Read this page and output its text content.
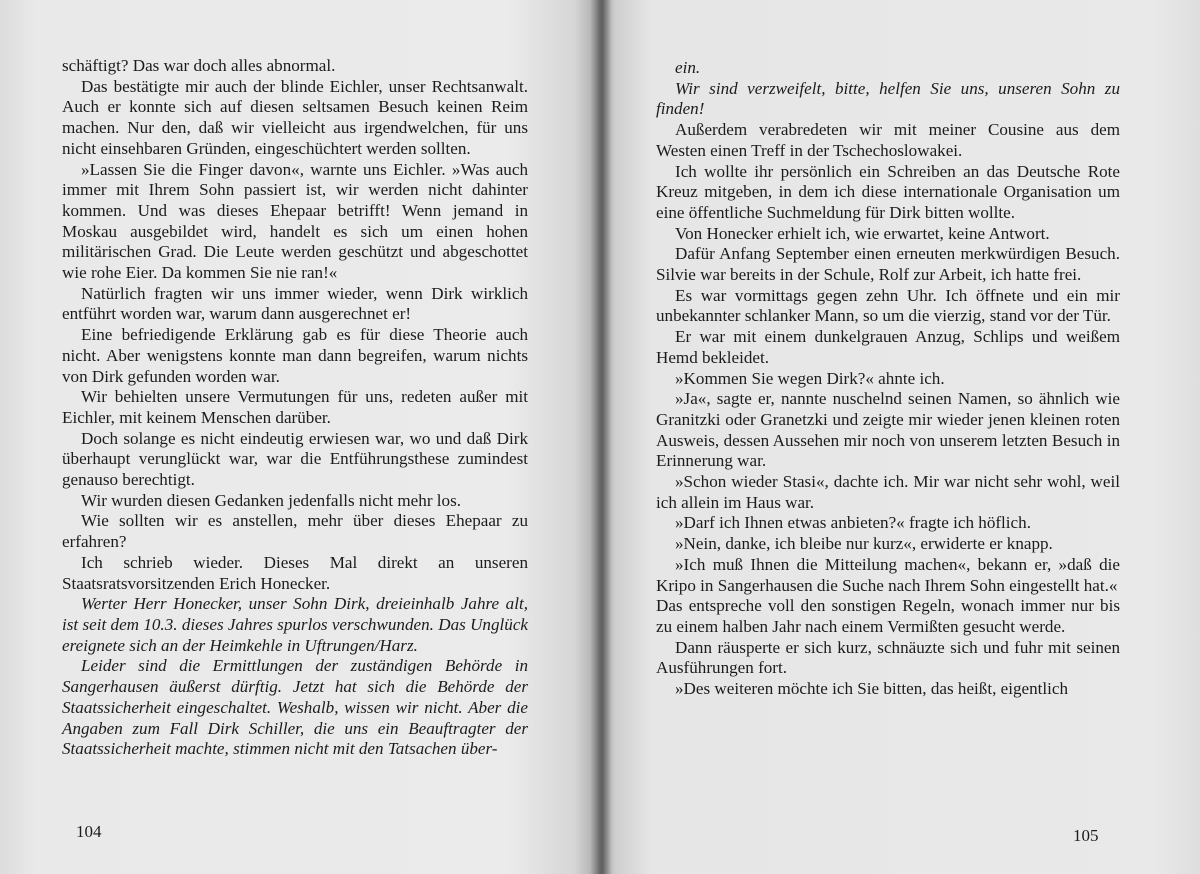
schäftigt? Das war doch alles abnormal.

Das bestätigte mir auch der blinde Eichler, unser Rechtsanwalt. Auch er konnte sich auf diesen seltsamen Besuch keinen Reim machen. Nur den, daß wir vielleicht aus irgendwelchen, für uns nicht einsehbaren Gründen, eingeschüchtert werden sollten.

»Lassen Sie die Finger davon«, warnte uns Eichler. »Was auch immer mit Ihrem Sohn passiert ist, wir werden nicht dahinter kommen. Und was dieses Ehepaar betrifft! Wenn jemand in Moskau ausgebildet wird, handelt es sich um einen hohen militärischen Grad. Die Leute werden geschützt und abgeschottet wie rohe Eier. Da kommen Sie nie ran!«

Natürlich fragten wir uns immer wieder, wenn Dirk wirklich entführt worden war, warum dann ausgerechnet er!

Eine befriedigende Erklärung gab es für diese Theorie auch nicht. Aber wenigstens konnte man dann begreifen, warum nichts von Dirk gefunden worden war.

Wir behielten unsere Vermutungen für uns, redeten außer mit Eichler, mit keinem Menschen darüber.

Doch solange es nicht eindeutig erwiesen war, wo und daß Dirk überhaupt verunglückt war, war die Entführungsthese zumindest genauso berechtigt.

Wir wurden diesen Gedanken jedenfalls nicht mehr los.

Wie sollten wir es anstellen, mehr über dieses Ehepaar zu erfahren?

Ich schrieb wieder. Dieses Mal direkt an unseren Staatsratsvorsitzenden Erich Honecker.

Werter Herr Honecker, unser Sohn Dirk, dreieinhalb Jahre alt, ist seit dem 10.3. dieses Jahres spurlos verschwunden. Das Unglück ereignete sich an der Heimkehle in Uftrungen/Harz.

Leider sind die Ermittlungen der zuständigen Behörde in Sangerhausen äußerst dürftig. Jetzt hat sich die Behörde der Staatssicherheit eingeschaltet. Weshalb, wissen wir nicht. Aber die Angaben zum Fall Dirk Schiller, die uns ein Beauftragter der Staatssicherheit machte, stimmen nicht mit den Tatsachen über-

104

ein.

Wir sind verzweifelt, bitte, helfen Sie uns, unseren Sohn zu finden!

Außerdem verabredeten wir mit meiner Cousine aus dem Westen einen Treff in der Tschechoslowakei.

Ich wollte ihr persönlich ein Schreiben an das Deutsche Rote Kreuz mitgeben, in dem ich diese internationale Organisation um eine öffentliche Suchmeldung für Dirk bitten wollte.

Von Honecker erhielt ich, wie erwartet, keine Antwort.

Dafür Anfang September einen erneuten merkwürdigen Besuch. Silvie war bereits in der Schule, Rolf zur Arbeit, ich hatte frei.

Es war vormittags gegen zehn Uhr. Ich öffnete und ein mir unbekannter schlanker Mann, so um die vierzig, stand vor der Tür.

Er war mit einem dunkelgrauen Anzug, Schlips und weißem Hemd bekleidet.

»Kommen Sie wegen Dirk?« ahnte ich.

»Ja«, sagte er, nannte nuschelnd seinen Namen, so ähnlich wie Granitzki oder Granetzki und zeigte mir wieder jenen kleinen roten Ausweis, dessen Aussehen mir noch von unserem letzten Besuch in Erinnerung war.

»Schon wieder Stasi«, dachte ich. Mir war nicht sehr wohl, weil ich allein im Haus war.

»Darf ich Ihnen etwas anbieten?« fragte ich höflich.

»Nein, danke, ich bleibe nur kurz«, erwiderte er knapp.

»Ich muß Ihnen die Mitteilung machen«, bekann er, »daß die Kripo in Sangerhausen die Suche nach Ihrem Sohn eingestellt hat.«

Das entspreche voll den sonstigen Regeln, wonach immer nur bis zu einem halben Jahr nach einem Vermißten gesucht werde.

Dann räusperte er sich kurz, schnäuzte sich und fuhr mit seinen Ausführungen fort.

»Des weiteren möchte ich Sie bitten, das heißt, eigentlich

105
